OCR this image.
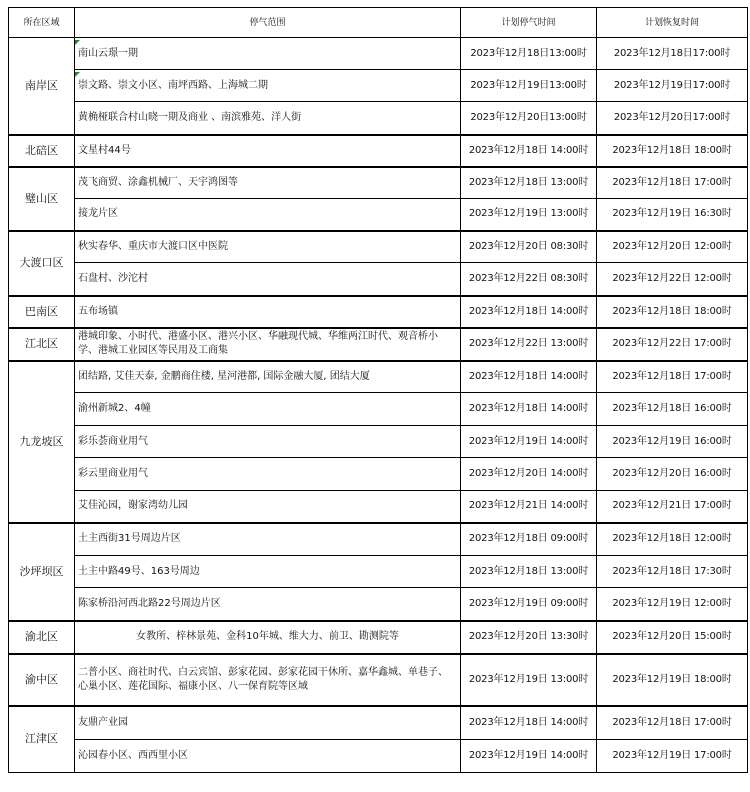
所在区域	停气范围	计划停气时间	计划恢复时间
南岸区	南山云璟一期	2023年12月18日13:00时	2023年12月18日17:00时
	崇文路、崇文小区、南坪西路、上海城二期	2023年12月19日13:00时	2023年12月19日17:00时
	黄桷桠联合村山晓一期及商业 、南滨雅苑、洋人街	2023年12月20日13:00时	2023年12月20日17:00时
北碚区	文星村44号	2023年12月18日 14:00时	2023年12月18日 18:00时
璧山区	茂飞商贸、涂鑫机械厂、天宇鸿图等	2023年12月18日 13:00时	2023年12月18日 17:00时
	接龙片区	2023年12月19日 13:00时	2023年12月19日 16:30时
大渡口区	秋实春华、重庆市大渡口区中医院	2023年12月20日 08:30时	2023年12月20日 12:00时
	石盘村、沙沱村	2023年12月22日 08:30时	2023年12月22日 12:00时
巴南区	五布场镇	2023年12月18日 14:00时	2023年12月18日 18:00时
江北区	港城印象、小时代、港盛小区、港兴小区、华融现代城、华维两江时代、观音桥小学、港城工业园区等民用及工商集	2023年12月22日 13:00时	2023年12月22日 17:00时
九龙坡区	团结路, 艾佳天泰, 金鹏商住楼, 星河港都, 国际金融大厦, 团结大厦	2023年12月18日 14:00时	2023年12月18日 17:00时
	渝州新城2、4幢	2023年12月18日 14:00时	2023年12月18日 16:00时
	彩乐荟商业用气	2023年12月19日 14:00时	2023年12月19日 16:00时
	彩云里商业用气	2023年12月20日 14:00时	2023年12月20日 16:00时
	艾佳沁园，谢家湾幼儿园	2023年12月21日 14:00时	2023年12月21日 17:00时
沙坪坝区	土主西街31号周边片区	2023年12月18日 09:00时	2023年12月18日 12:00时
	土主中路49号、163号周边	2023年12月18日 13:00时	2023年12月18日 17:30时
	陈家桥沿河西北路22号周边片区	2023年12月19日 09:00时	2023年12月19日 12:00时
渝北区	女教所、梓林景苑、金科10年城、维大力、前卫、勘测院等	2023年12月20日 13:30时	2023年12月20日 15:00时
渝中区	二普小区、商社时代、白云宾馆、彭家花园、彭家花园干休所、嘉华鑫城、单巷子、心巢小区、莲花国际、福康小区、八一保育院等区域	2023年12月19日 13:00时	2023年12月19日 18:00时
江津区	友鼎产业园	2023年12月18日 14:00时	2023年12月18日 17:00时
	沁园春小区、西西里小区	2023年12月19日 14:00时	2023年12月19日 17:00时
